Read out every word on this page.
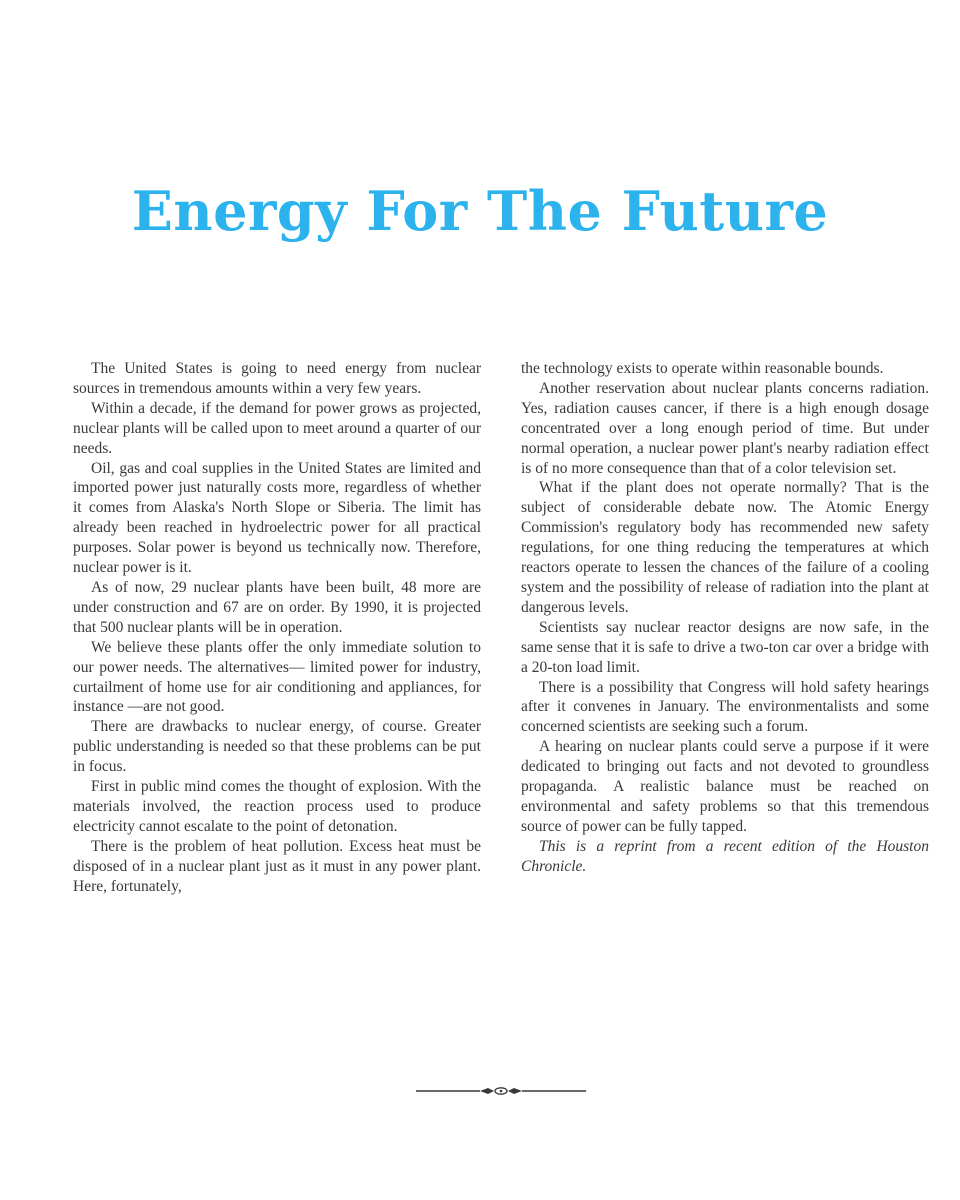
Energy For The Future

The United States is going to need energy from nuclear sources in tremendous amounts within a very few years.

Within a decade, if the demand for power grows as projected, nuclear plants will be called upon to meet around a quarter of our needs.

Oil, gas and coal supplies in the United States are limited and imported power just naturally costs more, regardless of whether it comes from Alaska's North Slope or Siberia. The limit has already been reached in hydroelectric power for all practical purposes. Solar power is beyond us technically now. Therefore, nuclear power is it.

As of now, 29 nuclear plants have been built, 48 more are under construction and 67 are on order. By 1990, it is projected that 500 nuclear plants will be in operation.

We believe these plants offer the only immediate solution to our power needs. The alternatives— limited power for industry, curtailment of home use for air conditioning and appliances, for instance —are not good.

There are drawbacks to nuclear energy, of course. Greater public understanding is needed so that these problems can be put in focus.

First in public mind comes the thought of explosion. With the materials involved, the reaction process used to produce electricity cannot escalate to the point of detonation.

There is the problem of heat pollution. Excess heat must be disposed of in a nuclear plant just as it must in any power plant. Here, fortunately,

the technology exists to operate within reasonable bounds.

Another reservation about nuclear plants concerns radiation. Yes, radiation causes cancer, if there is a high enough dosage concentrated over a long enough period of time. But under normal operation, a nuclear power plant's nearby radiation effect is of no more consequence than that of a color television set.

What if the plant does not operate normally? That is the subject of considerable debate now. The Atomic Energy Commission's regulatory body has recommended new safety regulations, for one thing reducing the temperatures at which reactors operate to lessen the chances of the failure of a cooling system and the possibility of release of radiation into the plant at dangerous levels.

Scientists say nuclear reactor designs are now safe, in the same sense that it is safe to drive a two-ton car over a bridge with a 20-ton load limit.

There is a possibility that Congress will hold safety hearings after it convenes in January. The environmentalists and some concerned scientists are seeking such a forum.

A hearing on nuclear plants could serve a purpose if it were dedicated to bringing out facts and not devoted to groundless propaganda. A realistic balance must be reached on environmental and safety problems so that this tremendous source of power can be fully tapped.

This is a reprint from a recent edition of the Houston Chronicle.
